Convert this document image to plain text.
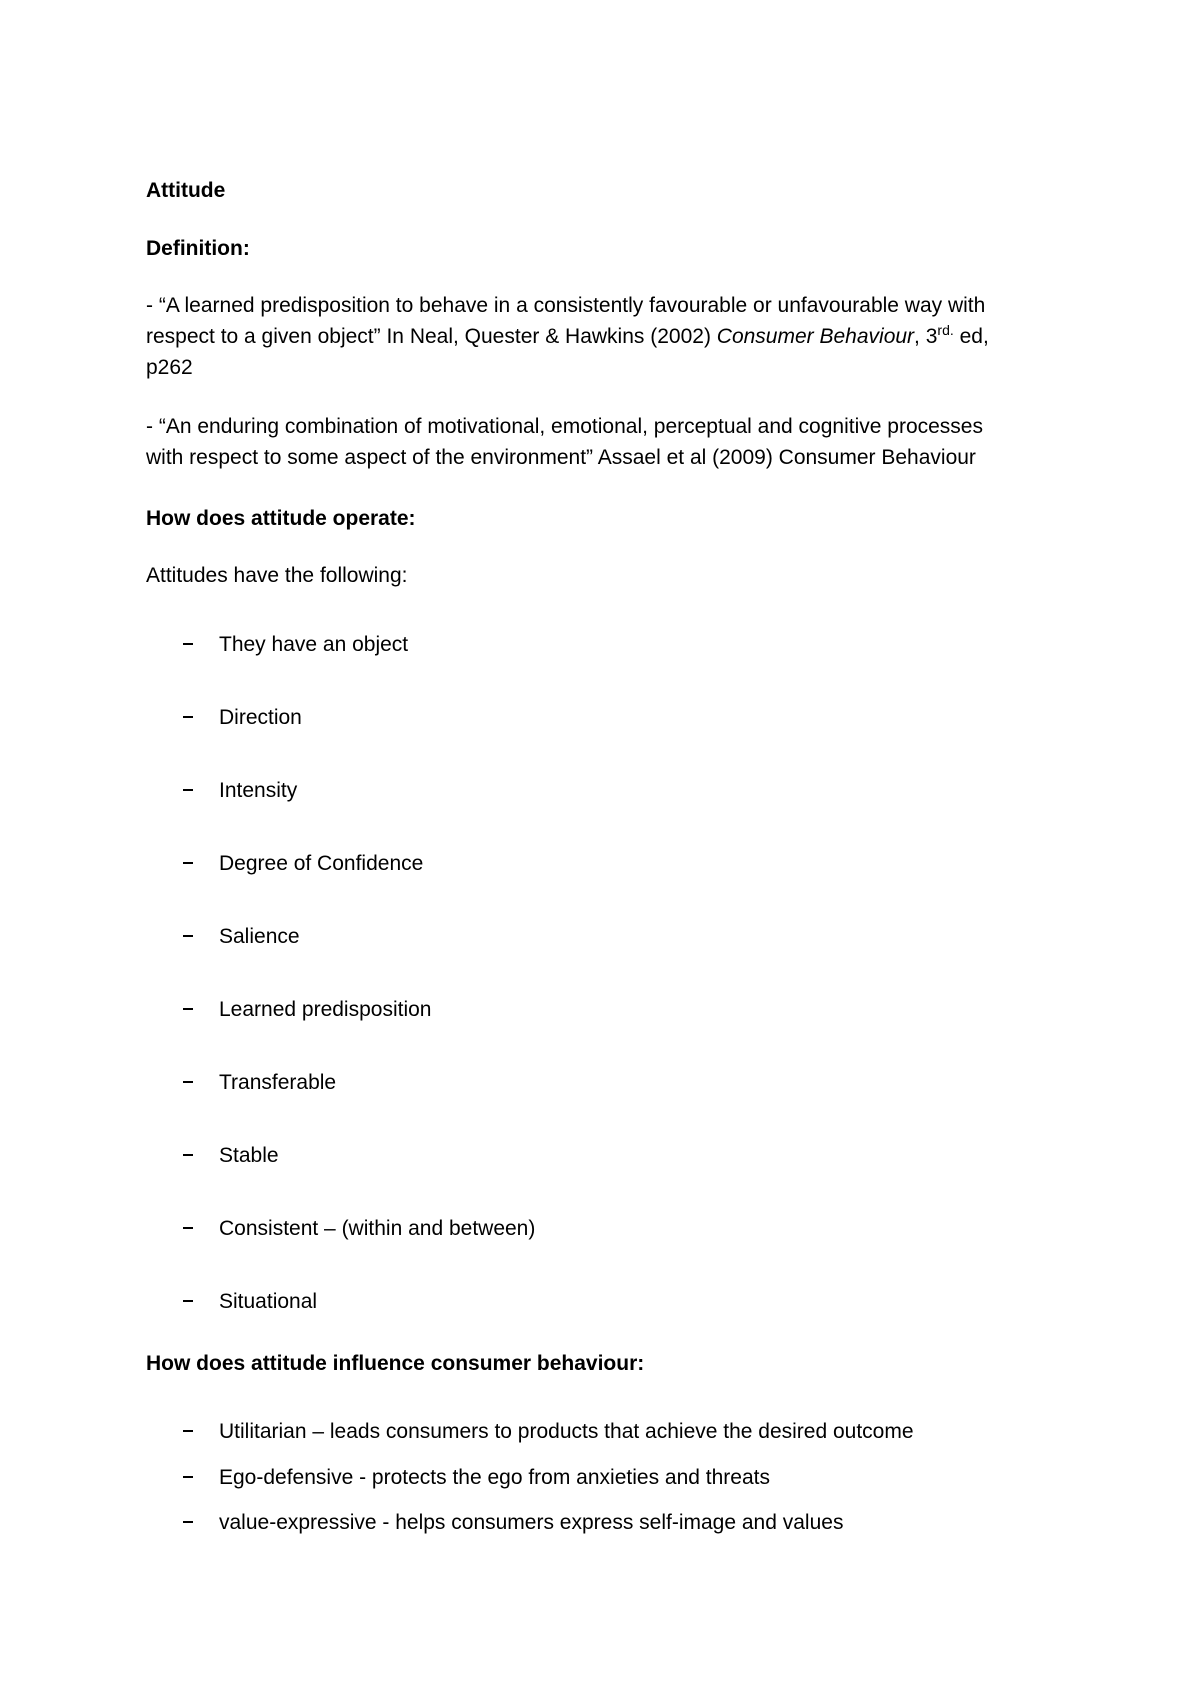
Attitude
Definition:
- “A learned predisposition to behave in a consistently favourable or unfavourable way with
respect to a given object” In Neal, Quester & Hawkins (2002) Consumer Behaviour, $3^{rd.}$ ed,
p262
- “An enduring combination of motivational, emotional, perceptual and cognitive processes
with respect to some aspect of the environment” Assael et al (2009) Consumer Behaviour
How does attitude operate:
Attitudes have the following:
They have an object
Direction
Intensity
Degree of Confidence
Salience
Learned predisposition
Transferable
Stable
Consistent – (within and between)
Situational
How does attitude influence consumer behaviour:
Utilitarian – leads consumers to products that achieve the desired outcome
Ego-defensive - protects the ego from anxieties and threats
value-expressive - helps consumers express self-image and values
